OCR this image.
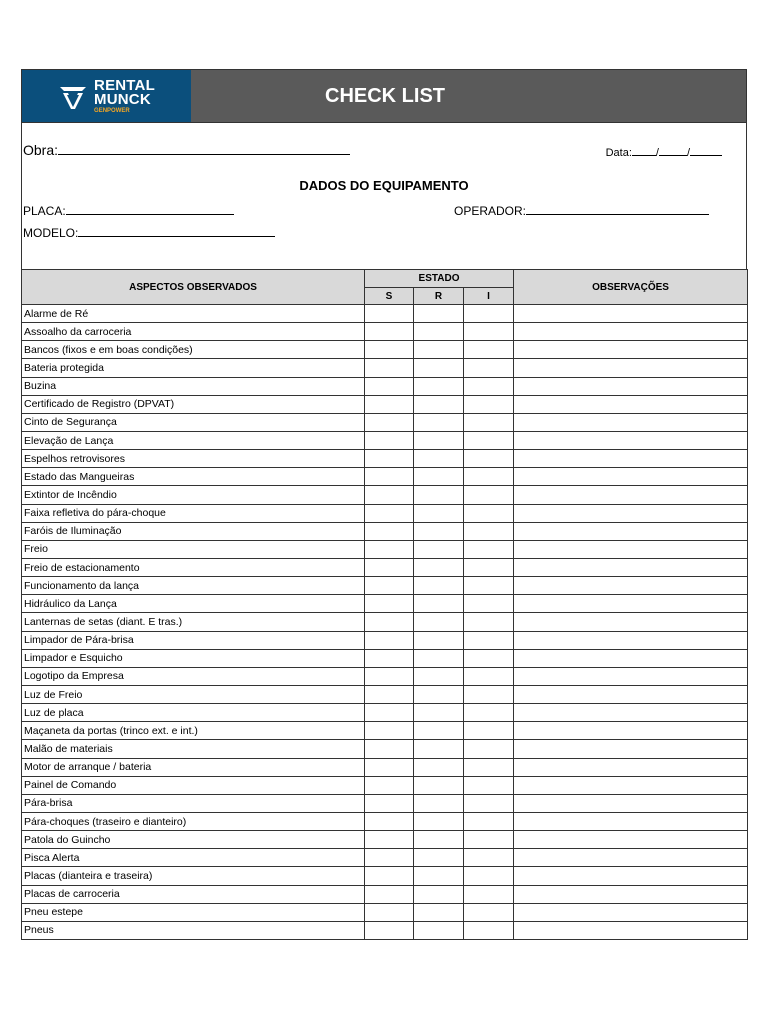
RENTAL
MUNCK
GENPOWER
CHECK LIST
Obra:	Data: /	/
DADOS DO EQUIPAMENTO
PLACA:	OPERADOR:
MODELO:
ASPECTOS OBSERVADOS	ESTADO			OBSERVAÇÕES
	S	R	I	
Alarme de Ré				
Assoalho da carroceria				
Bancos (fixos e em boas condições)				
Bateria protegida				
Buzina				
Certificado de Registro (DPVAT)				
Cinto de Segurança				
Elevação de Lança				
Espelhos retrovisores				
Estado das Mangueiras				
Extintor de Incêndio				
Faixa refletiva do pára-choque				
Faróis de Iluminação				
Freio				
Freio de estacionamento				
Funcionamento da lança				
Hidráulico da Lança				
Lanternas de setas (diant. E tras.)				
Limpador de Pára-brisa				
Limpador e Esquicho				
Logotipo da Empresa				
Luz de Freio				
Luz de placa				
Maçaneta da portas (trinco ext. e int.)				
Malão de materiais				
Motor de arranque / bateria				
Painel de Comando				
Pára-brisa				
Pára-choques (traseiro e dianteiro)				
Patola do Guincho				
Pisca Alerta				
Placas (dianteira e traseira)				
Placas de carroceria				
Pneu estepe				
Pneus				
